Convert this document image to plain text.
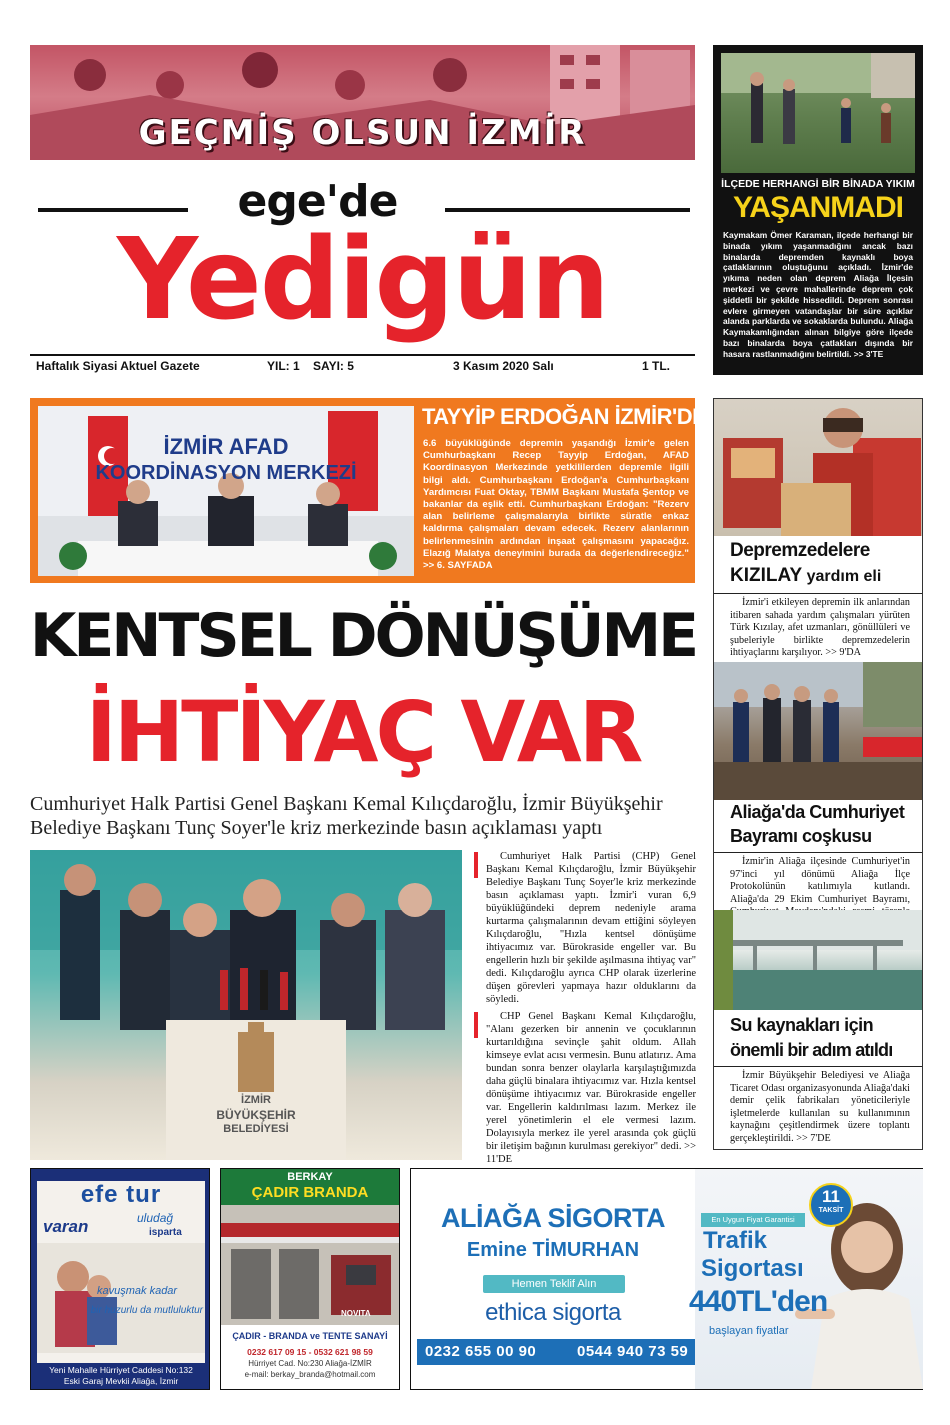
GEÇMİŞ OLSUN İZMİR
ege'de
Yedigün
Haftalık Siyasi Aktuel Gazete	YIL: 1 SAYI: 5	3 Kasım 2020 Salı	1 TL.
İLÇEDE HERHANGİ BİR BİNADA YIKIM
YAŞANMADI
Kaymakam Ömer Karaman, ilçede herhangi bir binada yıkım yaşanmadığını ancak bazı binalarda depremden kaynaklı boya çatlaklarının oluştuğunu açıkladı. İzmir'de yıkıma neden olan deprem Aliağa İlçesin merkezi ve çevre mahallerinde deprem çok şiddetli bir şekilde hissedildi. Deprem sonrası evlere girmeyen vatandaşlar bir süre açıklar alanda parklarda ve sokaklarda bulundu. Aliağa Kaymakamlığından alınan bilgiye göre ilçede bazı binalarda boya çatlakları dışında bir hasara rastlanmadığını belirtildi. >> 3'TE
İZMİR AFAD
KOORDİNASYON MERKEZİ
TAYYİP ERDOĞAN İZMİR'DE
6.6 büyüklüğünde depremin yaşandığı İzmir'e gelen Cumhurbaşkanı Recep Tayyip Erdoğan, AFAD Koordinasyon Merkezinde yetkililerden depremle ilgili bilgi aldı. Cumhurbaşkanı Erdoğan'a Cumhurbaşkanı Yardımcısı Fuat Oktay, TBMM Başkanı Mustafa Şentop ve bakanlar da eşlik etti. Cumhurbaşkanı Erdoğan: "Rezerv alan belirleme çalışmalarıyla birlikte süratle enkaz kaldırma çalışmaları devam edecek. Rezerv alanlarının belirlenmesinin ardından inşaat çalışmasını yapacağız. Elazığ Malatya deneyimini burada da değerlendireceğiz." >> 6. SAYFADA
KENTSEL DÖNÜŞÜME
İHTİYAÇ VAR
Cumhuriyet Halk Partisi Genel Başkanı Kemal Kılıçdaroğlu, İzmir Büyükşehir Belediye Başkanı Tunç Soyer'le kriz merkezinde basın açıklaması yaptı
İZMİR
BÜYÜKŞEHİR
BELEDİYESİ

Cumhuriyet Halk Partisi (CHP) Genel Başkanı Kemal Kılıçdaroğlu, İzmir Büyükşehir Belediye Başkanı Tunç Soyer'le kriz merkezinde basın açıklaması yaptı. İzmir'i vuran 6,9 büyüklüğündeki deprem nedeniyle arama kurtarma çalışmalarının devam ettiğini söyleyen Kılıçdaroğlu, "Hızla kentsel dönüşüme ihtiyacımız var. Bürokraside engeller var. Bu engellerin hızlı bir şekilde aşılmasına ihtiyaç var" dedi. Kılıçdaroğlu ayrıca CHP olarak üzerlerine düşen görevleri yapmaya hazır olduklarını da söyledi.

CHP Genel Başkanı Kemal Kılıçdaroğlu, "Alanı gezerken bir annenin ve çocuklarının kurtarıldığına sevinçle şahit oldum. Allah kimseye evlat acısı vermesin. Bunu atlatırız. Ama bundan sonra benzer olaylarla karşılaştığımızda daha güçlü binalara ihtiyacımız var. Hızla kentsel dönüşüme ihtiyacımız var. Bürokraside engeller var. Engellerin kaldırılması lazım. Merkez ile yerel yönetimlerin el ele vermesi lazım. Dolayısıyla merkez ile yerel arasında çok güçlü bir iletişim bağının kurulması gerekiyor" dedi. >> 11'DE

Depremzedelere
KIZILAY yardım eli

İzmir'i etkileyen depremin ilk anlarından itibaren sahada yardım çalışmaları yürüten Türk Kızılay, afet uzmanları, gönüllüleri ve şubeleriyle birlikte depremzedelerin ihtiyaçlarını karşılıyor. >> 9'DA

Aliağa'da Cumhuriyet
Bayramı coşkusu

İzmir'in Aliağa ilçesinde Cumhuriyet'in 97'inci yıl dönümü Aliağa İlçe Protokolünün katılımıyla kutlandı. Aliağa'da 29 Ekim Cumhuriyet Bayramı,

Su kaynakları için
önemli bir adım atıldı

İzmir Büyükşehir Belediyesi ve Aliağa Ticaret Odası organizasyonunda Aliağa'daki demir çelik fabrikaları yöneticileriyle işletmelerde kullanılan su kullanımının kaynağını çeşitlendirmek üzere toplantı gerçekleştirildi. >> 7'DE

efe tur
varan	uludağ
isparta
kavuşmak kadar
bir huzurlu da mutluluktur
Yeni Mahalle Hürriyet Caddesi No:132
Eski Garaj Mevkii Aliağa, İzmir
BERKAY
ÇADIR BRANDA
NOVITA
ÇADIR - BRANDA ve TENTE SANAYİ
0232 617 09 15 - 0532 621 98 59
Hürriyet Cad. No:230 Aliağa-İZMİR
e-mail: berkay_branda@hotmail.com
ALİAĞA SİGORTA
Emine TİMURHAN
Hemen Teklif Alın
ethica sigorta
0232 655 00 90	0544 940 73 59
En Uygun Fiyat Garantisi
Trafik
Sigortası
440TL'den
başlayan fiyatlar
11
TAKSİT
